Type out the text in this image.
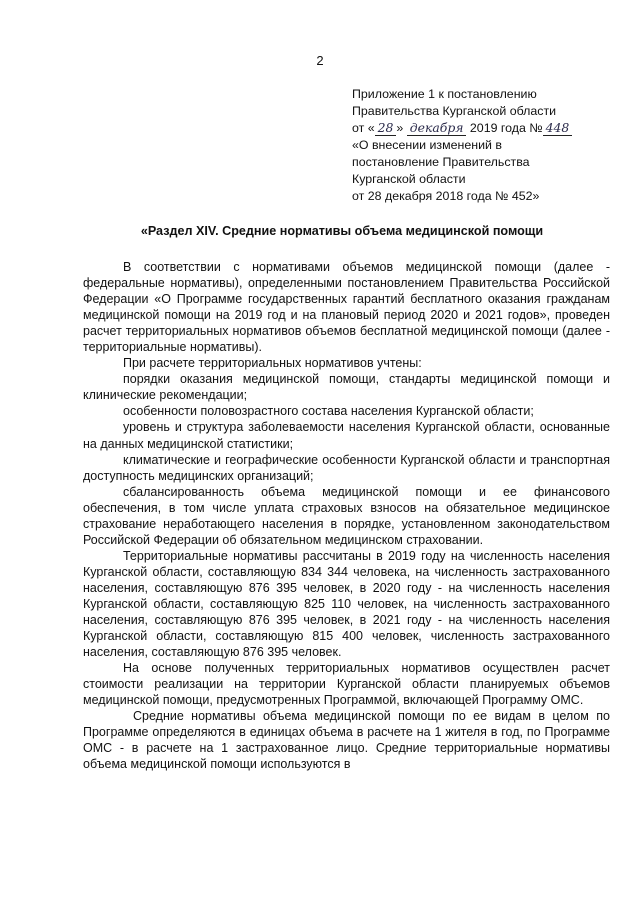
2
Приложение 1 к постановлению
Правительства Курганской области
от « 28 » декабря 2019 года № 448
«О внесении изменений в
постановление Правительства
Курганской области
от 28 декабря 2018 года № 452»
«Раздел XIV. Средние нормативы объема медицинской помощи

В соответствии с нормативами объемов медицинской помощи (далее - федеральные нормативы), определенными постановлением Правительства Российской Федерации «О Программе государственных гарантий бесплатного оказания гражданам медицинской помощи на 2019 год и на плановый период 2020 и 2021 годов», проведен расчет территориальных нормативов объемов бесплатной медицинской помощи (далее - территориальные нормативы).

При расчете территориальных нормативов учтены:

порядки оказания медицинской помощи, стандарты медицинской помощи и клинические рекомендации;

особенности половозрастного состава населения Курганской области;

уровень и структура заболеваемости населения Курганской области, основанные на данных медицинской статистики;

климатические и географические особенности Курганской области и транспортная доступность медицинских организаций;

сбалансированность объема медицинской помощи и ее финансового обеспечения, в том числе уплата страховых взносов на обязательное медицинское страхование неработающего населения в порядке, установленном законодательством Российской Федерации об обязательном медицинском страховании.

Территориальные нормативы рассчитаны в 2019 году на численность населения Курганской области, составляющую 834 344 человека, на численность застрахованного населения, составляющую 876 395 человек, в 2020 году - на численность населения Курганской области, составляющую 825 110 человек, на численность застрахованного населения, составляющую 876 395 человек, в 2021 году - на численность населения Курганской области, составляющую 815 400 человек, численность застрахованного населения, составляющую 876 395 человек.

На основе полученных территориальных нормативов осуществлен расчет стоимости реализации на территории Курганской области планируемых объемов медицинской помощи, предусмотренных Программой, включающей Программу ОМС.

Средние нормативы объема медицинской помощи по ее видам в целом по Программе определяются в единицах объема в расчете на 1 жителя в год, по Программе ОМС - в расчете на 1 застрахованное лицо. Средние территориальные нормативы объема медицинской помощи используются в
